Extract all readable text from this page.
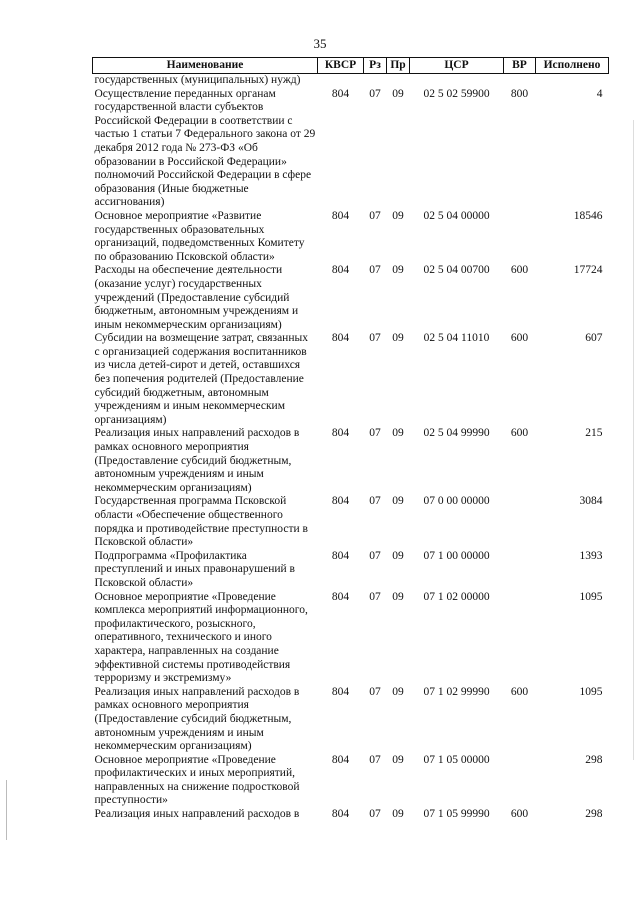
35
Наименование	КВСР	Рз	Пр	ЦСР	ВР	Исполнено
государственных (муниципальных) нужд)						
Осуществление переданных органам государственной власти субъектов Российской Федерации в соответствии с частью 1 статьи 7 Федерального закона от 29 декабря 2012 года № 273-ФЗ «Об образовании в Российской Федерации» полномочий Российской Федерации в сфере образования (Иные бюджетные ассигнования)	804	07	09	02 5 02 59900	800	4
Основное мероприятие «Развитие государственных образовательных организаций, подведомственных Комитету по образованию Псковской области»	804	07	09	02 5 04 00000		18546
Расходы на обеспечение деятельности (оказание услуг) государственных учреждений (Предоставление субсидий бюджетным, автономным учреждениям и иным некоммерческим организациям)	804	07	09	02 5 04 00700	600	17724
Субсидии на возмещение затрат, связанных с организацией содержания воспитанников из числа детей-сирот и детей, оставшихся без попечения родителей (Предоставление субсидий бюджетным, автономным учреждениям и иным некоммерческим организациям)	804	07	09	02 5 04 11010	600	607
Реализация иных направлений расходов в рамках основного мероприятия (Предоставление субсидий бюджетным, автономным учреждениям и иным некоммерческим организациям)	804	07	09	02 5 04 99990	600	215
Государственная программа Псковской области «Обеспечение общественного порядка и противодействие преступности в Псковской области»	804	07	09	07 0 00 00000		3084
Подпрограмма «Профилактика преступлений и иных правонарушений в Псковской области»	804	07	09	07 1 00 00000		1393
Основное мероприятие «Проведение комплекса мероприятий информационного, профилактического, розыскного, оперативного, технического и иного характера, направленных на создание эффективной системы противодействия терроризму и экстремизму»	804	07	09	07 1 02 00000		1095
Реализация иных направлений расходов в рамках основного мероприятия (Предоставление субсидий бюджетным, автономным учреждениям и иным некоммерческим организациям)	804	07	09	07 1 02 99990	600	1095
Основное мероприятие «Проведение профилактических и иных мероприятий, направленных на снижение подростковой преступности»	804	07	09	07 1 05 00000		298
Реализация иных направлений расходов в	804	07	09	07 1 05 99990	600	298
